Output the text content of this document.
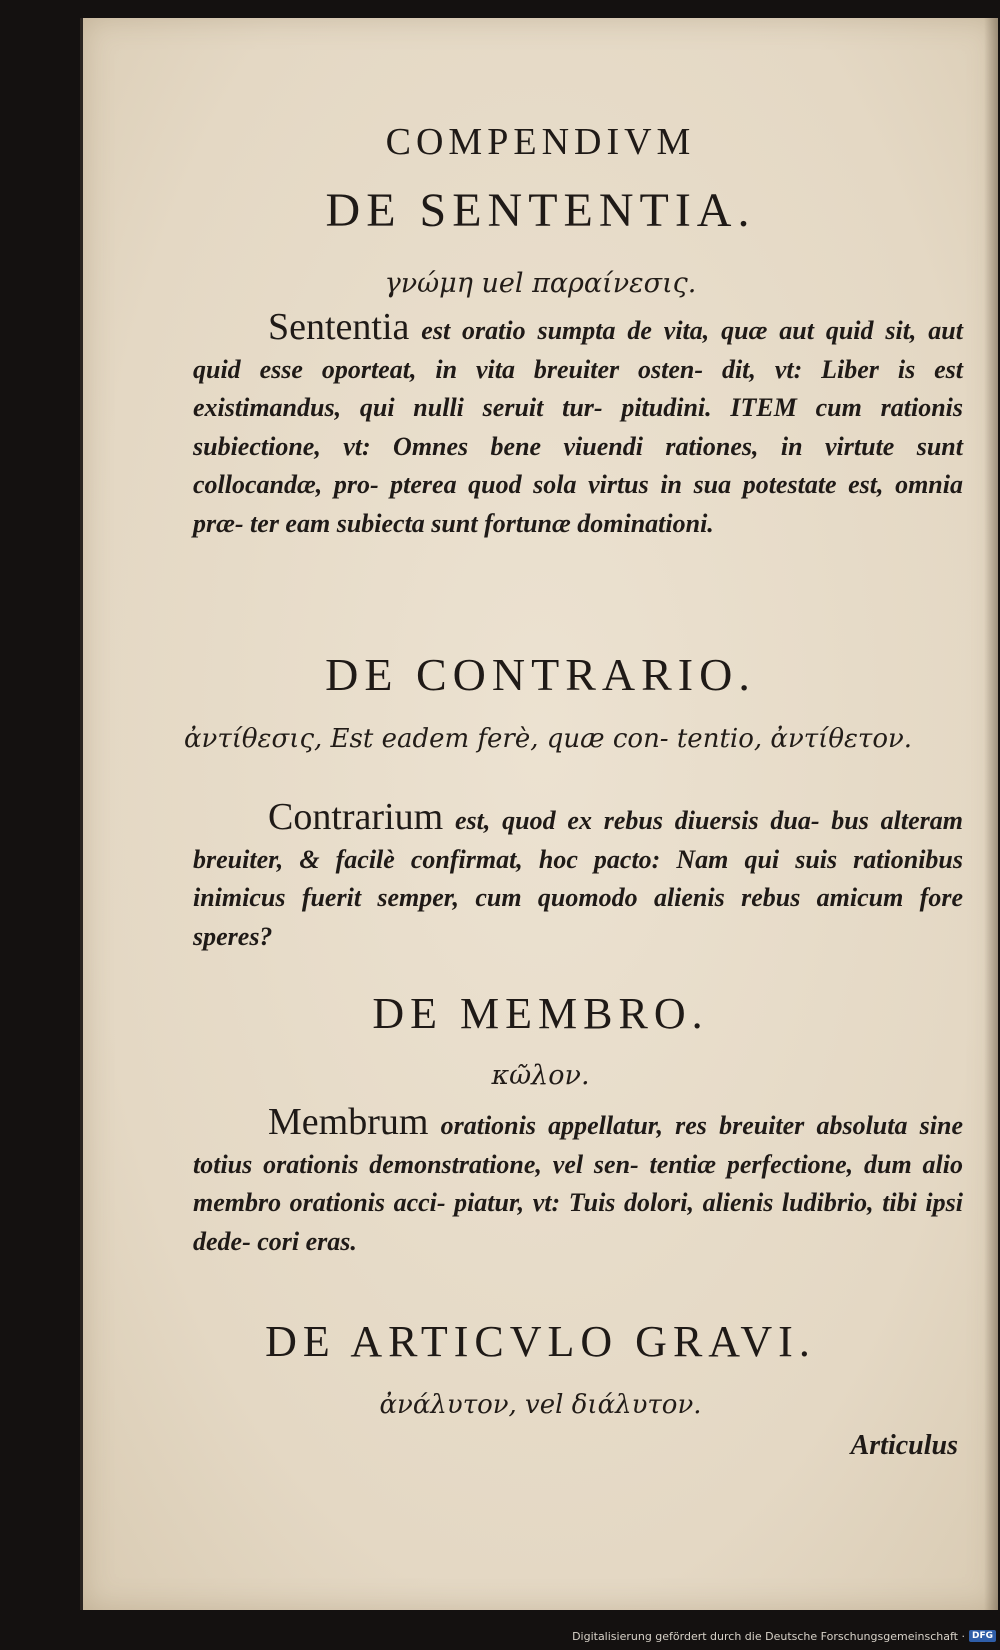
COMPENDIVM
DE SENTENTIA.
γνώμη uel παραίνεσις.
Sententia est oratio sumpta de vita, quæ aut quid sit, aut quid esse oporteat, in vita breuiter osten- dit, vt: Liber is est existimandus, qui nulli seruit tur- pitudini. ITEM cum rationis subiectione, vt: Omnes bene viuendi rationes, in virtute sunt collocandæ, pro- pterea quod sola virtus in sua potestate est, omnia præ- ter eam subiecta sunt fortunæ dominationi.
DE CONTRARIO.
ἀντίθεσις, Est eadem ferè, quæ con- tentio, ἀντίθετον.
Contrarium est, quod ex rebus diuersis dua- bus alteram breuiter, & facilè confirmat, hoc pacto: Nam qui suis rationibus inimicus fuerit semper, cum quomodo alienis rebus amicum fore speres?
DE MEMBRO.
κῶλον.
Membrum orationis appellatur, res breuiter absoluta sine totius orationis demonstratione, vel sen- tentiæ perfectione, dum alio membro orationis acci- piatur, vt: Tuis dolori, alienis ludibrio, tibi ipsi dede- cori eras.
DE ARTICVLO GRAVI.
ἀνάλυτον, vel διάλυτον.
Articulus
Digitalisierung gefördert durch die Deutsche Forschungsgemeinschaft · DFG
